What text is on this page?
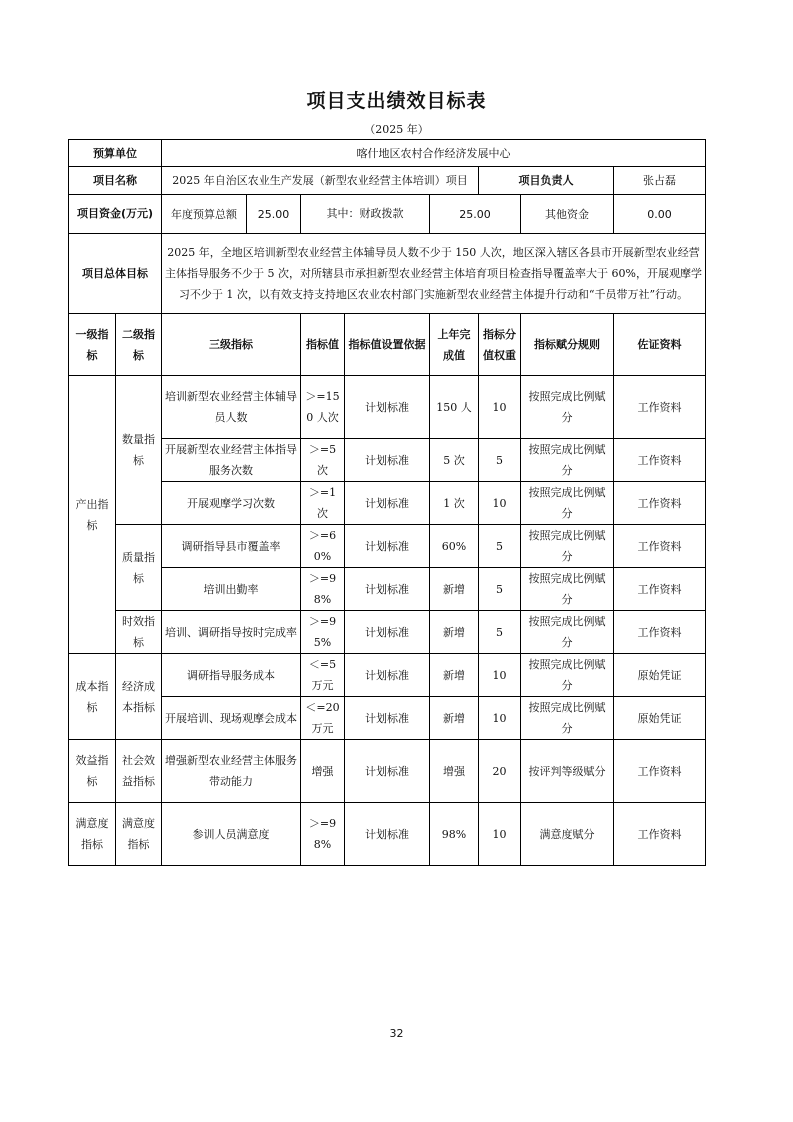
项目支出绩效目标表
（2025 年）
预算单位		喀什地区农村合作经济发展中心						
项目名称		2025 年自治区农业生产发展（新型农业经营主体培训）项目				项目负责人		张占磊
项目资金(万元)		年度预算总额 25.00	其中：财政拨款		25.00		其他资金	0.00
项目总体目标		2025 年，全地区培训新型农业经营主体辅导员人数不少于 150 人次，地区深入辖区各县市开展新型农业经营主体指导服务不少于 5 次，对所辖县市承担新型农业经营主体培育项目检查指导覆盖率大于 60%，开展观摩学习不少于 1 次，以有效支持支持地区农业农村部门实施新型农业经营主体提升行动和“千员带万社”行动。						
一级指标	二级指标	三级指标	指标值	指标值设置依据	上年完成值	指标分值权重	指标赋分规则	佐证资料
产出指标	数量指标	培训新型农业经营主体辅导员人数	＞=150 人次	计划标准	150 人	10	按照完成比例赋分	工作资料
		开展新型农业经营主体指导服务次数	＞=5 次	计划标准	5 次	5	按照完成比例赋分	工作资料
		开展观摩学习次数	＞=1 次	计划标准	1 次	10	按照完成比例赋分	工作资料
	质量指标	调研指导县市覆盖率	＞=60%	计划标准	60%	5	按照完成比例赋分	工作资料
		培训出勤率	＞=98%	计划标准	新增	5	按照完成比例赋分	工作资料
	时效指标	培训、调研指导按时完成率	＞=95%	计划标准	新增	5	按照完成比例赋分	工作资料
成本指标	经济成本指标	调研指导服务成本	＜=5 万元	计划标准	新增	10	按照完成比例赋分	原始凭证
		开展培训、现场观摩会成本	＜=20 万元	计划标准	新增	10	按照完成比例赋分	原始凭证
效益指标	社会效益指标	增强新型农业经营主体服务带动能力	增强	计划标准	增强	20	按评判等级赋分	工作资料
满意度指标	满意度指标	参训人员满意度	＞=98%	计划标准	98%	10	满意度赋分	工作资料
32
